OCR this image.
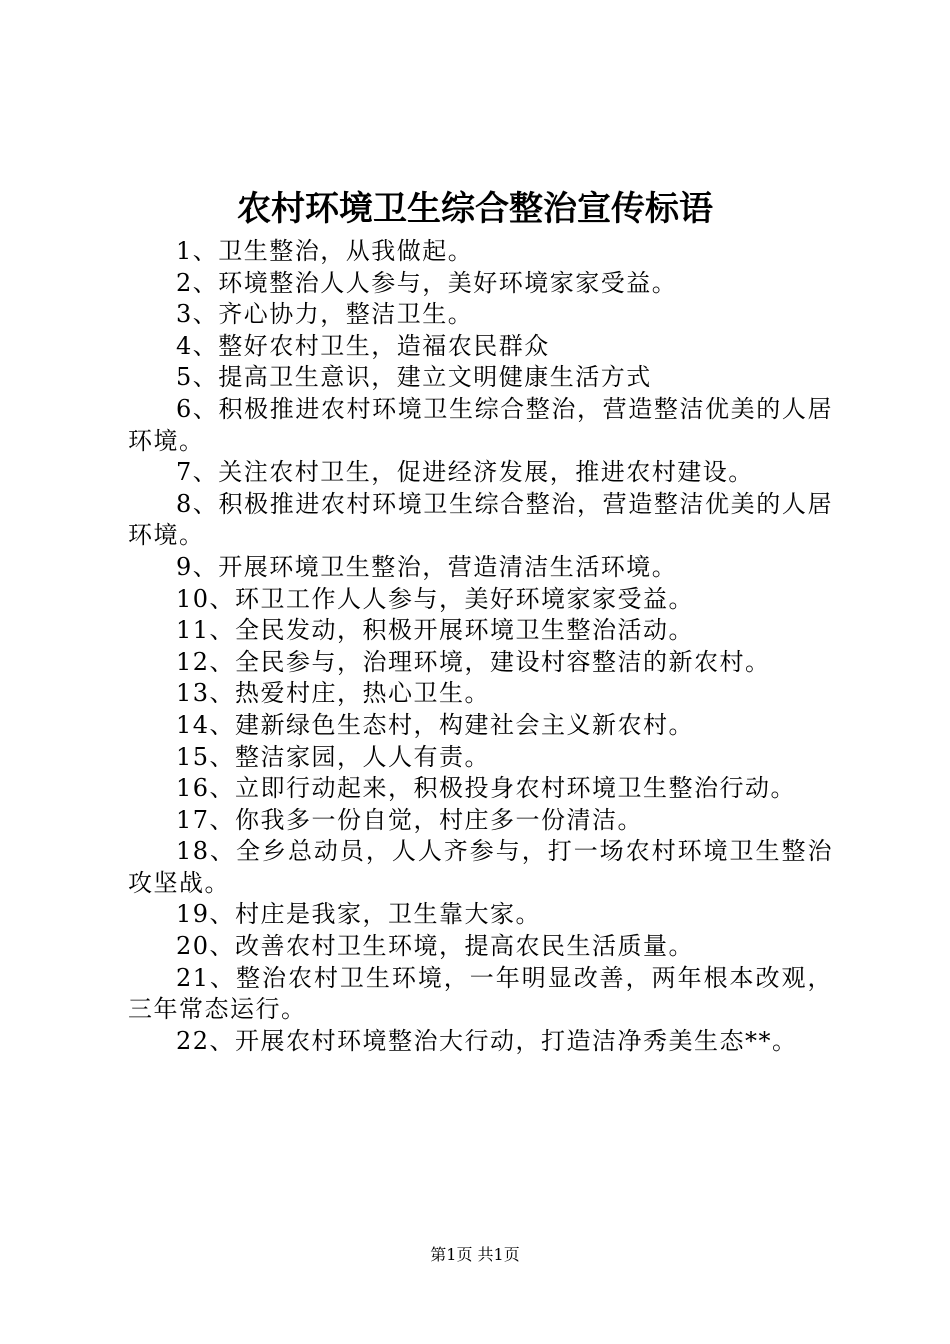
农村环境卫生综合整治宣传标语

1、卫生整治，从我做起。

2、环境整治人人参与，美好环境家家受益。

3、齐心协力，整洁卫生。

4、整好农村卫生，造福农民群众

5、提高卫生意识，建立文明健康生活方式

6、积极推进农村环境卫生综合整治，营造整洁优美的人居环境。

7、关注农村卫生，促进经济发展，推进农村建设。

8、积极推进农村环境卫生综合整治，营造整洁优美的人居环境。

9、开展环境卫生整治，营造清洁生活环境。

10、环卫工作人人参与，美好环境家家受益。

11、全民发动，积极开展环境卫生整治活动。

12、全民参与，治理环境，建设村容整洁的新农村。

13、热爱村庄，热心卫生。

14、建新绿色生态村，构建社会主义新农村。

15、整洁家园，人人有责。

16、立即行动起来，积极投身农村环境卫生整治行动。

17、你我多一份自觉，村庄多一份清洁。

18、全乡总动员，人人齐参与，打一场农村环境卫生整治攻坚战。

19、村庄是我家，卫生靠大家。

20、改善农村卫生环境，提高农民生活质量。

21、整治农村卫生环境，一年明显改善，两年根本改观，三年常态运行。

22、开展农村环境整治大行动，打造洁净秀美生态**。

第1页 共1页
